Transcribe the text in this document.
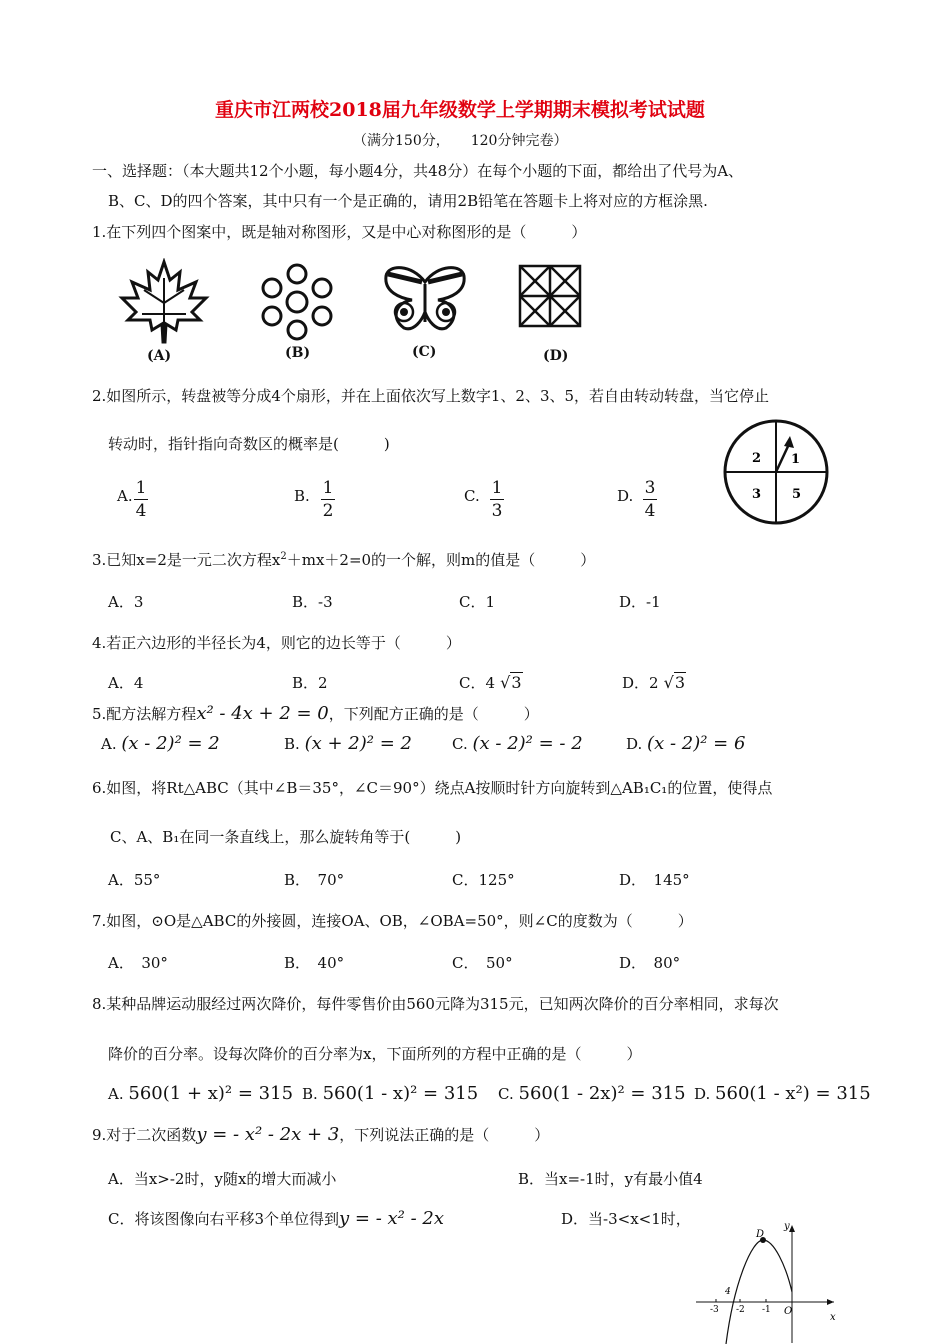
重庆市江两校2018届九年级数学上学期期末模拟考试试题
（满分150分，　　120分钟完卷）
一、选择题：（本大题共12个小题，每小题4分，共48分）在每个小题的下面，都给出了代号为A、
B、C、D的四个答案，其中只有一个是正确的，请用2B铅笔在答题卡上将对应的方框涂黑.
1.在下列四个图案中，既是轴对称图形，又是中心对称图形的是（　　　）
(A)	(B)	(C)	(D)
2.如图所示，转盘被等分成4个扇形，并在上面依次写上数字1、2、3、5，若自由转动转盘，当它停止
转动时，指针指向奇数区的概率是(　　　)
2 1
3 5
A. 1
4
B. 1
2
C. 1
3
D. 3
4
3.已知x=2是一元二次方程$x^2+mx+2=0$的一个解，则m的值是（　　　）
A．3	B．-3	C．1	D．-1
4.若正六边形的半径长为4，则它的边长等于（　　　）
A．4	B．2	C．4 √3	D．2 √3
5.配方法解方程x² - 4x + 2 = 0，下列配方正确的是（　　　）
A. (x - 2)² = 2	B. (x + 2)² = 2	C. (x - 2)² = - 2	D. (x - 2)² = 6
6.如图，将Rt△ABC（其中∠B＝35°，∠C＝90°）绕点A按顺时针方向旋转到△AB₁C₁的位置，使得点
C、A、B₁在同一条直线上，那么旋转角等于(　　　)
A．55°	B．　70°	C．125°	D．　145°
7.如图，⊙O是△ABC的外接圆，连接OA、OB，∠OBA=50°，则∠C的度数为（　　　）
A．　30°	B．　40°	C．　50°	D．　80°
8.某种品牌运动服经过两次降价，每件零售价由560元降为315元，已知两次降价的百分率相同，求每次
降价的百分率。设每次降价的百分率为x，下面所列的方程中正确的是（　　　）
A. 560(1 + x)² = 315 B. 560(1 - x)² = 315 C. 560(1 - 2x)² = 315 D. 560(1 - x²) = 315
9.对于二次函数y = - x² - 2x + 3，下列说法正确的是（　　　）
A．当x>-2时，y随x的增大而减小	B．当x=-1时，y有最小值4
C．将该图像向右平移3个单位得到y = - x² - 2x	D．当-3<x<1时，
D
y
x
O
4
-3 -2 -1
